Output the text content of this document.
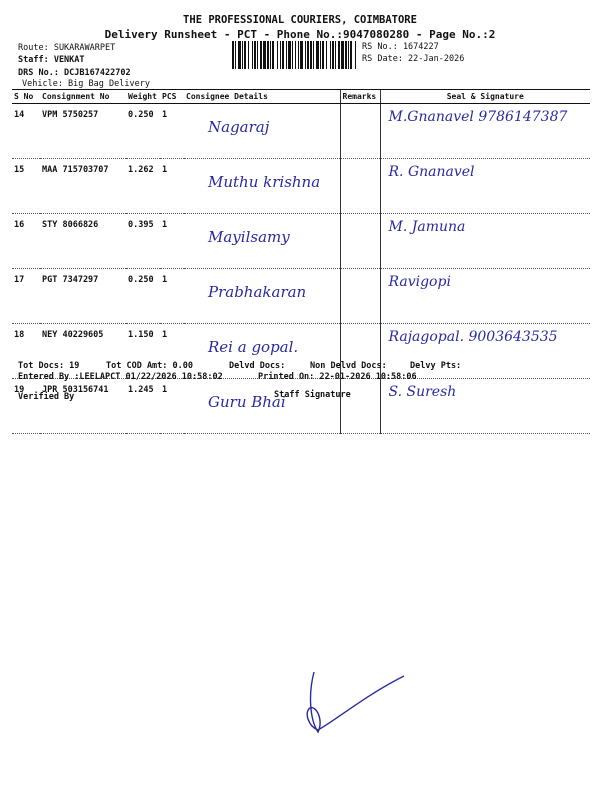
THE PROFESSIONAL COURIERS, COIMBATORE
Delivery Runsheet - PCT - Phone No.:9047080280 - Page No.:2
Route: SUKARAWARPET
Staff: VENKAT
DRS No.: DCJB167422702
Vehicle: Big Bag Delivery
RS No.: 1674227
RS Date: 22-Jan-2026
S No	Consignment No	Weight	PCS	Consignee Details	Remarks	Seal & Signature
14	VPM 5750257	0.250	1	Nagaraj		M.Gnanavel 9786147387
15	MAA 715703707	1.262	1	Muthu krishna		R. Gnanavel
16	STY 8066826	0.395	1	Mayilsamy		M. Jamuna
17	PGT 7347297	0.250	1	Prabhakaran		Ravigopi
18	NEY 40229605	1.150	1	Rei a gopal.		Rajagopal. 9003643535
19	JPR 503156741	1.245	1	Guru Bhai		S. Suresh
Tot Docs: 19	Tot COD Amt: 0.00	Delvd Docs:	Non Delvd Docs:	Delvy Pts:
Entered By :LEELAPCT 01/22/2026 10:58:02	Printed On: 22-01-2026 10:58:06
Verified By	Staff Signature
